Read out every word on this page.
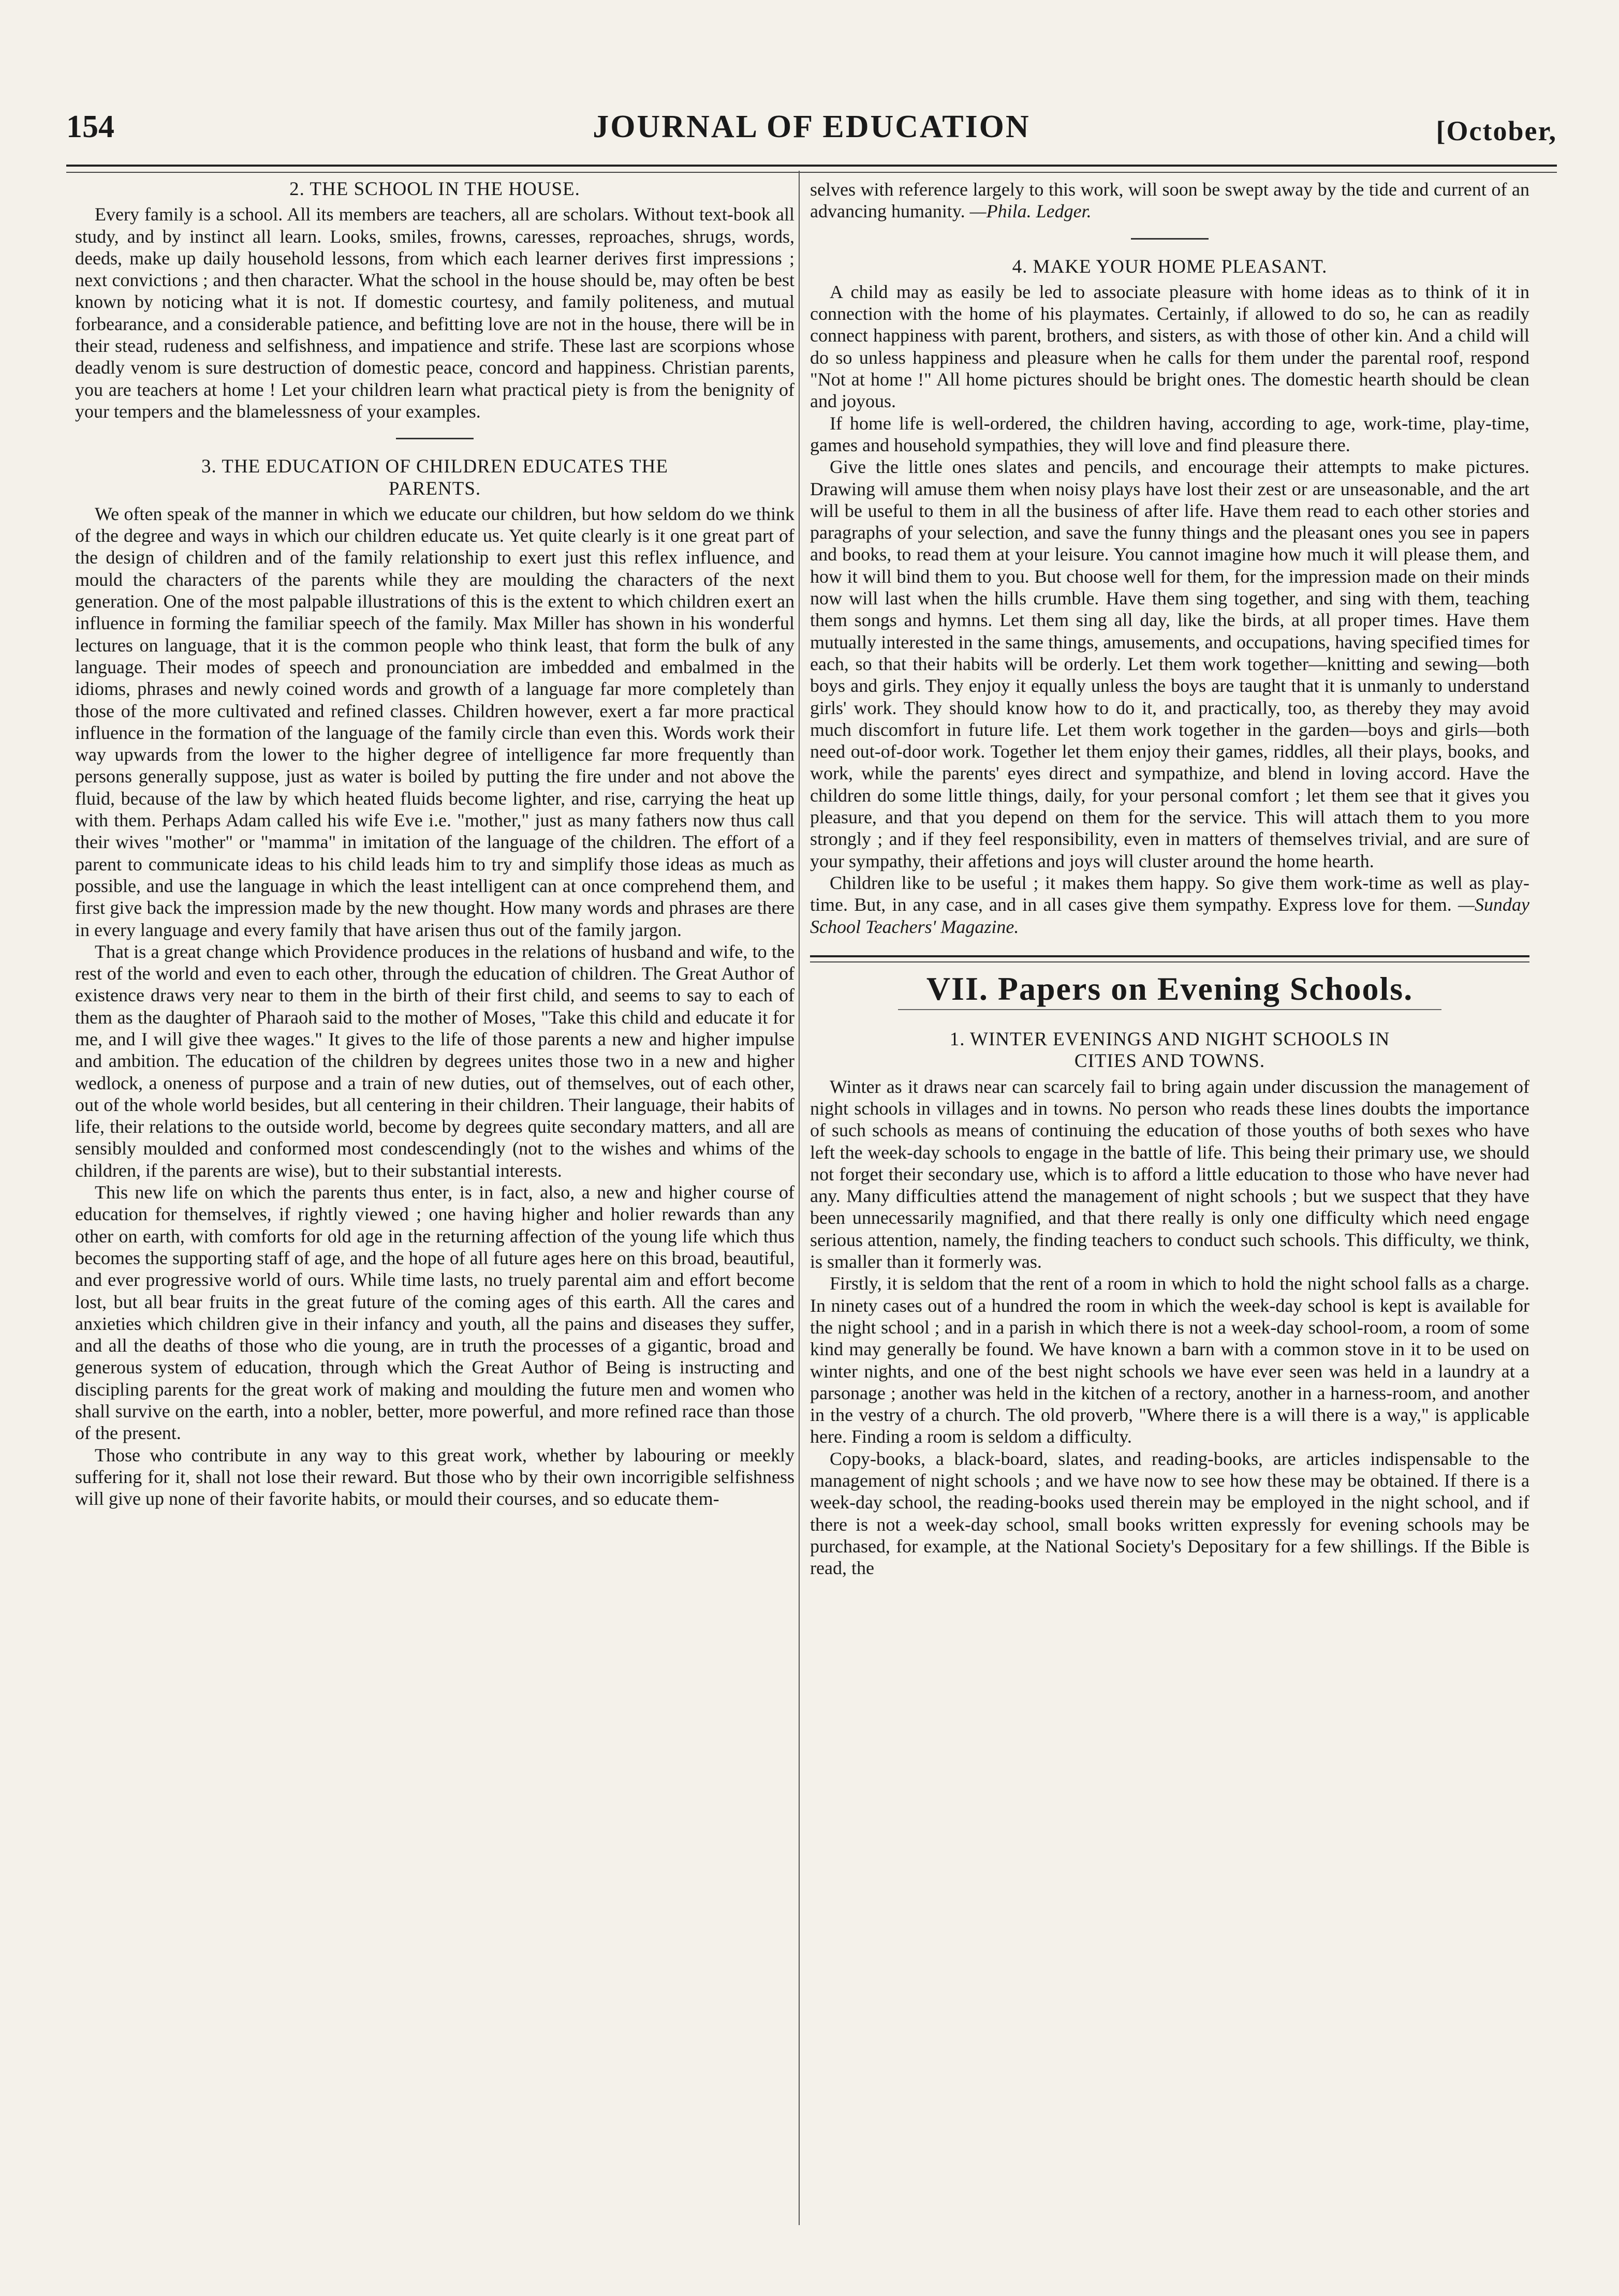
154	JOURNAL OF EDUCATION	[October,
2. THE SCHOOL IN THE HOUSE.

Every family is a school. All its members are teachers, all are scholars. Without text-book all study, and by instinct all learn. Looks, smiles, frowns, caresses, reproaches, shrugs, words, deeds, make up daily household lessons, from which each learner derives first impressions ; next convictions ; and then character. What the school in the house should be, may often be best known by noticing what it is not. If domestic courtesy, and family politeness, and mutual forbearance, and a considerable patience, and befitting love are not in the house, there will be in their stead, rudeness and selfishness, and impatience and strife. These last are scorpions whose deadly venom is sure destruction of domestic peace, concord and happiness. Christian parents, you are teachers at home ! Let your children learn what practical piety is from the benignity of your tempers and the blamelessness of your examples.

3. THE EDUCATION OF CHILDREN EDUCATES THE
PARENTS.

We often speak of the manner in which we educate our children, but how seldom do we think of the degree and ways in which our children educate us. Yet quite clearly is it one great part of the design of children and of the family relationship to exert just this reflex influence, and mould the characters of the parents while they are moulding the characters of the next generation. One of the most palpable illustrations of this is the extent to which children exert an influence in forming the familiar speech of the family. Max Miller has shown in his wonderful lectures on language, that it is the common people who think least, that form the bulk of any language. Their modes of speech and pronounciation are imbedded and embalmed in the idioms, phrases and newly coined words and growth of a language far more completely than those of the more cultivated and refined classes. Children however, exert a far more practical influence in the formation of the language of the family circle than even this. Words work their way upwards from the lower to the higher degree of intelligence far more frequently than persons generally suppose, just as water is boiled by putting the fire under and not above the fluid, because of the law by which heated fluids become lighter, and rise, carrying the heat up with them. Perhaps Adam called his wife Eve i.e. "mother," just as many fathers now thus call their wives "mother" or "mamma" in imitation of the language of the children. The effort of a parent to communicate ideas to his child leads him to try and simplify those ideas as much as possible, and use the language in which the least intelligent can at once comprehend them, and first give back the impression made by the new thought. How many words and phrases are there in every language and every family that have arisen thus out of the family jargon.

That is a great change which Providence produces in the relations of husband and wife, to the rest of the world and even to each other, through the education of children. The Great Author of existence draws very near to them in the birth of their first child, and seems to say to each of them as the daughter of Pharaoh said to the mother of Moses, "Take this child and educate it for me, and I will give thee wages." It gives to the life of those parents a new and higher impulse and ambition. The education of the children by degrees unites those two in a new and higher wedlock, a oneness of purpose and a train of new duties, out of themselves, out of each other, out of the whole world besides, but all centering in their children. Their language, their habits of life, their relations to the outside world, become by degrees quite secondary matters, and all are sensibly moulded and conformed most condescendingly (not to the wishes and whims of the children, if the parents are wise), but to their substantial interests.

This new life on which the parents thus enter, is in fact, also, a new and higher course of education for themselves, if rightly viewed ; one having higher and holier rewards than any other on earth, with comforts for old age in the returning affection of the young life which thus becomes the supporting staff of age, and the hope of all future ages here on this broad, beautiful, and ever progressive world of ours. While time lasts, no truely parental aim and effort become lost, but all bear fruits in the great future of the coming ages of this earth. All the cares and anxieties which children give in their infancy and youth, all the pains and diseases they suffer, and all the deaths of those who die young, are in truth the processes of a gigantic, broad and generous system of education, through which the Great Author of Being is instructing and discipling parents for the great work of making and moulding the future men and women who shall survive on the earth, into a nobler, better, more powerful, and more refined race than those of the present.

Those who contribute in any way to this great work, whether by labouring or meekly suffering for it, shall not lose their reward. But those who by their own incorrigible selfishness will give up none of their favorite habits, or mould their courses, and so educate them-

selves with reference largely to this work, will soon be swept away by the tide and current of an advancing humanity. —Phila. Ledger.

4. MAKE YOUR HOME PLEASANT.

A child may as easily be led to associate pleasure with home ideas as to think of it in connection with the home of his playmates. Certainly, if allowed to do so, he can as readily connect happiness with parent, brothers, and sisters, as with those of other kin. And a child will do so unless happiness and pleasure when he calls for them under the parental roof, respond "Not at home !" All home pictures should be bright ones. The domestic hearth should be clean and joyous.

If home life is well-ordered, the children having, according to age, work-time, play-time, games and household sympathies, they will love and find pleasure there.

Give the little ones slates and pencils, and encourage their attempts to make pictures. Drawing will amuse them when noisy plays have lost their zest or are unseasonable, and the art will be useful to them in all the business of after life. Have them read to each other stories and paragraphs of your selection, and save the funny things and the pleasant ones you see in papers and books, to read them at your leisure. You cannot imagine how much it will please them, and how it will bind them to you. But choose well for them, for the impression made on their minds now will last when the hills crumble. Have them sing together, and sing with them, teaching them songs and hymns. Let them sing all day, like the birds, at all proper times. Have them mutually interested in the same things, amusements, and occupations, having specified times for each, so that their habits will be orderly. Let them work together—knitting and sewing—both boys and girls. They enjoy it equally unless the boys are taught that it is unmanly to understand girls' work. They should know how to do it, and practically, too, as thereby they may avoid much discomfort in future life. Let them work together in the garden—boys and girls—both need out-of-door work. Together let them enjoy their games, riddles, all their plays, books, and work, while the parents' eyes direct and sympathize, and blend in loving accord. Have the children do some little things, daily, for your personal comfort ; let them see that it gives you pleasure, and that you depend on them for the service. This will attach them to you more strongly ; and if they feel responsibility, even in matters of themselves trivial, and are sure of your sympathy, their affetions and joys will cluster around the home hearth.

Children like to be useful ; it makes them happy. So give them work-time as well as play-time. But, in any case, and in all cases give them sympathy. Express love for them. —Sunday School Teachers' Magazine.

VII. Papers on Evening Schools.
1. WINTER EVENINGS AND NIGHT SCHOOLS IN
CITIES AND TOWNS.

Winter as it draws near can scarcely fail to bring again under discussion the management of night schools in villages and in towns. No person who reads these lines doubts the importance of such schools as means of continuing the education of those youths of both sexes who have left the week-day schools to engage in the battle of life. This being their primary use, we should not forget their secondary use, which is to afford a little education to those who have never had any. Many difficulties attend the management of night schools ; but we suspect that they have been unnecessarily magnified, and that there really is only one difficulty which need engage serious attention, namely, the finding teachers to conduct such schools. This difficulty, we think, is smaller than it formerly was.

Firstly, it is seldom that the rent of a room in which to hold the night school falls as a charge. In ninety cases out of a hundred the room in which the week-day school is kept is available for the night school ; and in a parish in which there is not a week-day school-room, a room of some kind may generally be found. We have known a barn with a common stove in it to be used on winter nights, and one of the best night schools we have ever seen was held in a laundry at a parsonage ; another was held in the kitchen of a rectory, another in a harness-room, and another in the vestry of a church. The old proverb, "Where there is a will there is a way," is applicable here. Finding a room is seldom a difficulty.

Copy-books, a black-board, slates, and reading-books, are articles indispensable to the management of night schools ; and we have now to see how these may be obtained. If there is a week-day school, the reading-books used therein may be employed in the night school, and if there is not a week-day school, small books written expressly for evening schools may be purchased, for example, at the National Society's Depositary for a few shillings. If the Bible is read, the
